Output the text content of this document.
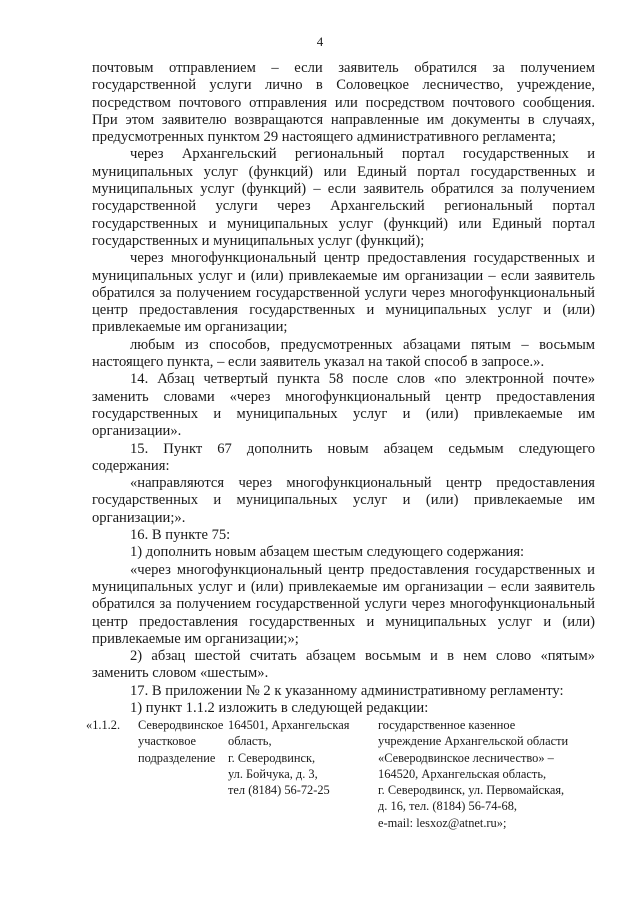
4

почтовым отправлением – если заявитель обратился за получением государственной услуги лично в Соловецкое лесничество, учреждение, посредством почтового отправления или посредством почтового сообщения. При этом заявителю возвращаются направленные им документы в случаях, предусмотренных пунктом 29 настоящего административного регламента;

через Архангельский региональный портал государственных и муниципальных услуг (функций) или Единый портал государственных и муниципальных услуг (функций) – если заявитель обратился за получением государственной услуги через Архангельский региональный портал государственных и муниципальных услуг (функций) или Единый портал государственных и муниципальных услуг (функций);

через многофункциональный центр предоставления государственных и муниципальных услуг и (или) привлекаемые им организации – если заявитель обратился за получением государственной услуги через многофункциональный центр предоставления государственных и муниципальных услуг и (или) привлекаемые им организации;

любым из способов, предусмотренных абзацами пятым – восьмым настоящего пункта, – если заявитель указал на такой способ в запросе.».

14. Абзац четвертый пункта 58 после слов «по электронной почте» заменить словами «через многофункциональный центр предоставления государственных и муниципальных услуг и (или) привлекаемые им организации».

15. Пункт 67 дополнить новым абзацем седьмым следующего содержания:

«направляются через многофункциональный центр предоставления государственных и муниципальных услуг и (или) привлекаемые им организации;».

16. В пункте 75:

1) дополнить новым абзацем шестым следующего содержания:

«через многофункциональный центр предоставления государственных и муниципальных услуг и (или) привлекаемые им организации – если заявитель обратился за получением государственной услуги через многофункциональный центр предоставления государственных и муниципальных услуг и (или) привлекаемые им организации;»;

2) абзац шестой считать абзацем восьмым и в нем слово «пятым» заменить словом «шестым».

17. В приложении № 2 к указанному административному регламенту:

1) пункт 1.1.2 изложить в следующей редакции:

«1.1.2.	Северодвинское
участковое
подразделение
164501, Архангельская
область,
г. Северодвинск,
ул. Бойчука, д. 3,
тел (8184) 56-72-25
государственное казенное
учреждение Архангельской области
«Северодвинское лесничество» –
164520, Архангельская область,
г. Северодвинск, ул. Первомайская,
д. 16, тел. (8184) 56-74-68,
e-mail: lesxoz@atnet.ru»;
